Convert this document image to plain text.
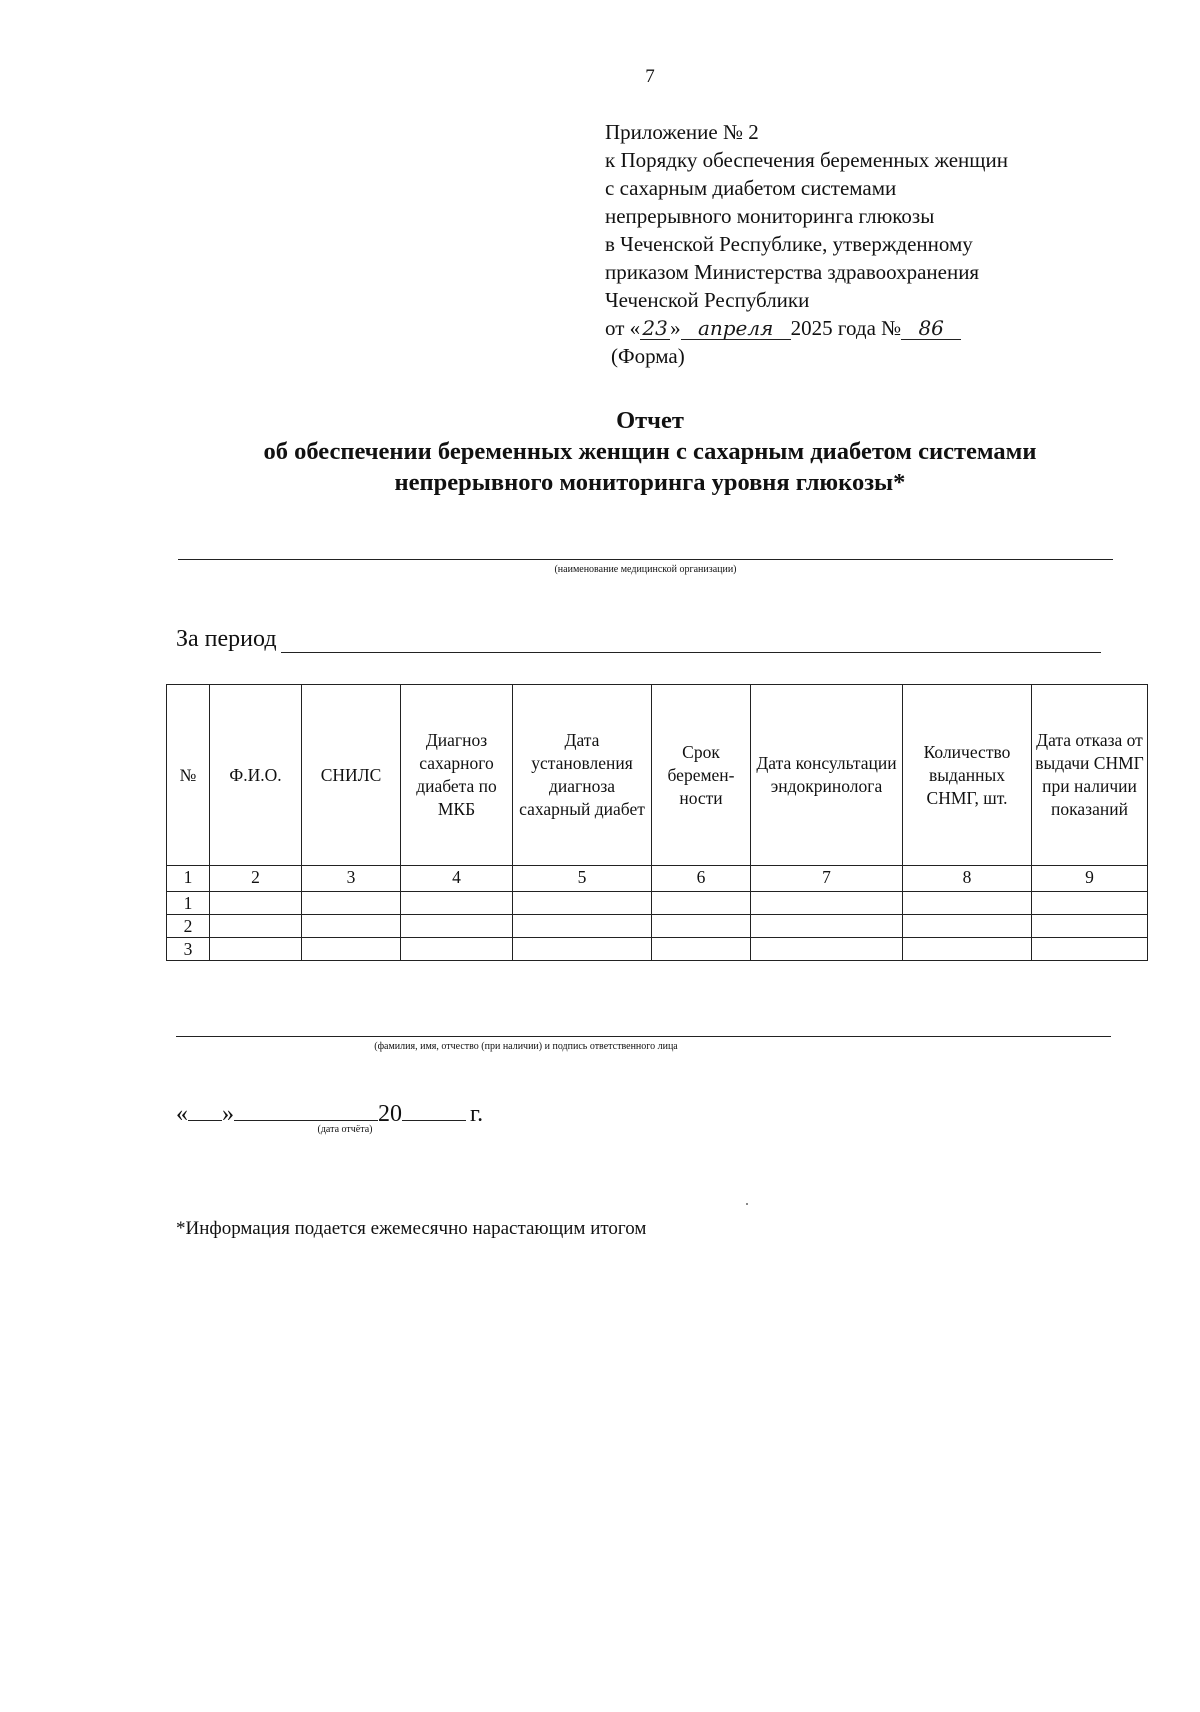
7
Приложение № 2
к Порядку обеспечения беременных женщин
с сахарным диабетом системами
непрерывного мониторинга глюкозы
в Чеченской Республике, утвержденному
приказом Министерства здравоохранения
Чеченской Республики
от « 23 » апреля 2025 года № 86
(Форма)
Отчет
об обеспечении беременных женщин с сахарным диабетом системами
непрерывного мониторинга уровня глюкозы*
(наименование медицинской организации)
За период
№	Ф.И.О.	СНИЛС	Диагноз сахарного диабета по МКБ	Дата установления диагноза сахарный диабет	Срок беремен-ности	Дата консультации эндокринолога	Количество выданных СНМГ, шт.	Дата отказа от выдачи СНМГ при наличии показаний
1	2	3	4	5	6	7	8	9
1								
2								
3								
(фамилия, имя, отчество (при наличии) и подпись ответственного лица
« »	20	г.
(дата отчёта)
*Информация подается ежемесячно нарастающим итогом
